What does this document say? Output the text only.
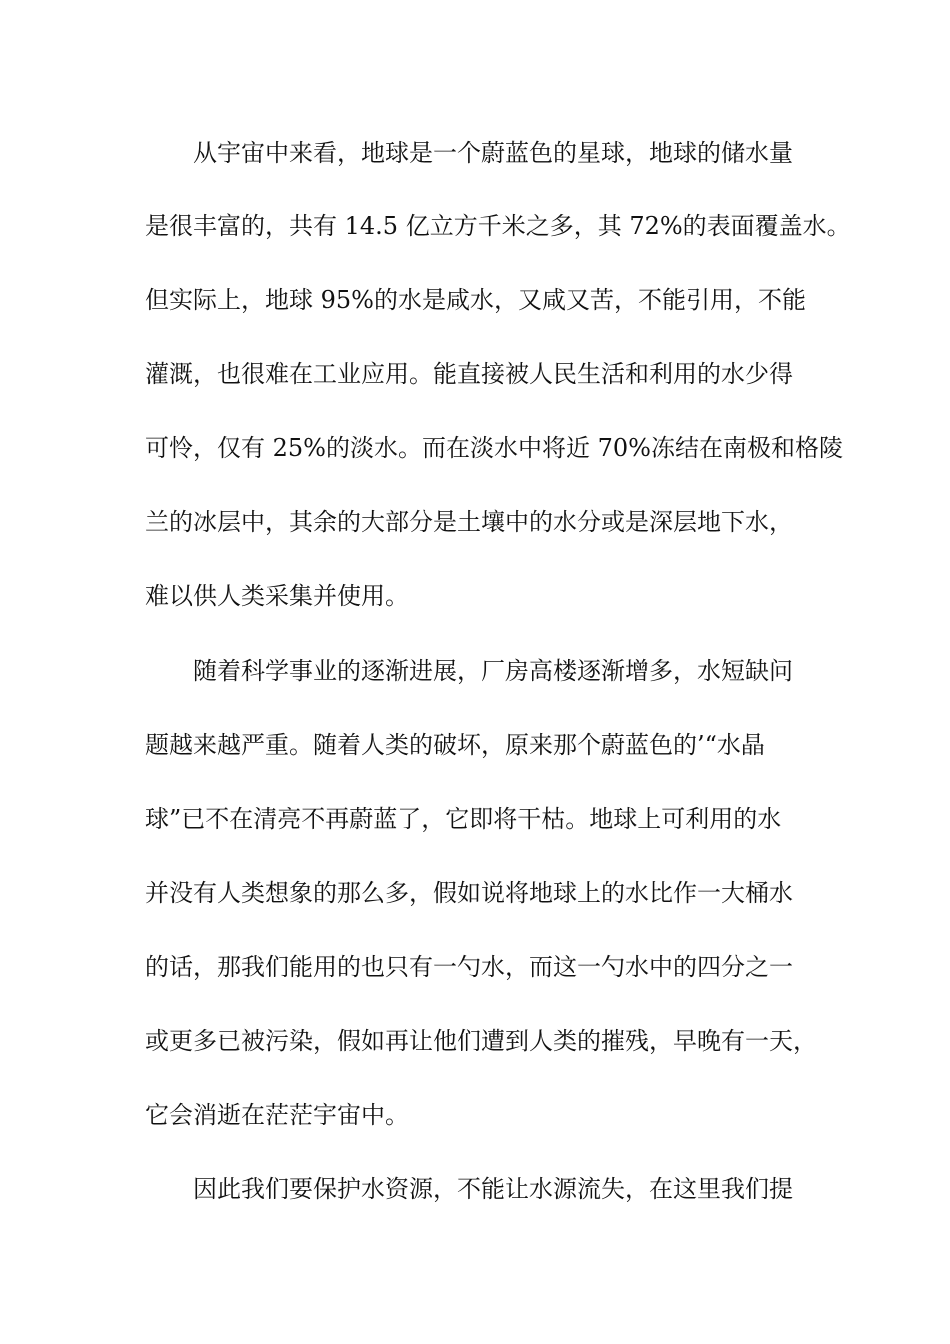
从宇宙中来看，地球是一个蔚蓝色的星球，地球的储水量

是很丰富的，共有 14.5 亿立方千米之多，其 72%的表面覆盖水。

但实际上，地球 95%的水是咸水，又咸又苦，不能引用，不能

灌溉，也很难在工业应用。能直接被人民生活和利用的水少得

可怜，仅有 25%的淡水。而在淡水中将近 70%冻结在南极和格陵

兰的冰层中，其余的大部分是土壤中的水分或是深层地下水，

难以供人类采集并使用。

随着科学事业的逐渐进展，厂房高楼逐渐增多，水短缺问

题越来越严重。随着人类的破坏，原来那个蔚蓝色的’“水晶

球”已不在清亮不再蔚蓝了，它即将干枯。地球上可利用的水

并没有人类想象的那么多，假如说将地球上的水比作一大桶水

的话，那我们能用的也只有一勺水，而这一勺水中的四分之一

或更多已被污染，假如再让他们遭到人类的摧残，早晚有一天，

它会消逝在茫茫宇宙中。

因此我们要保护水资源，不能让水源流失，在这里我们提
